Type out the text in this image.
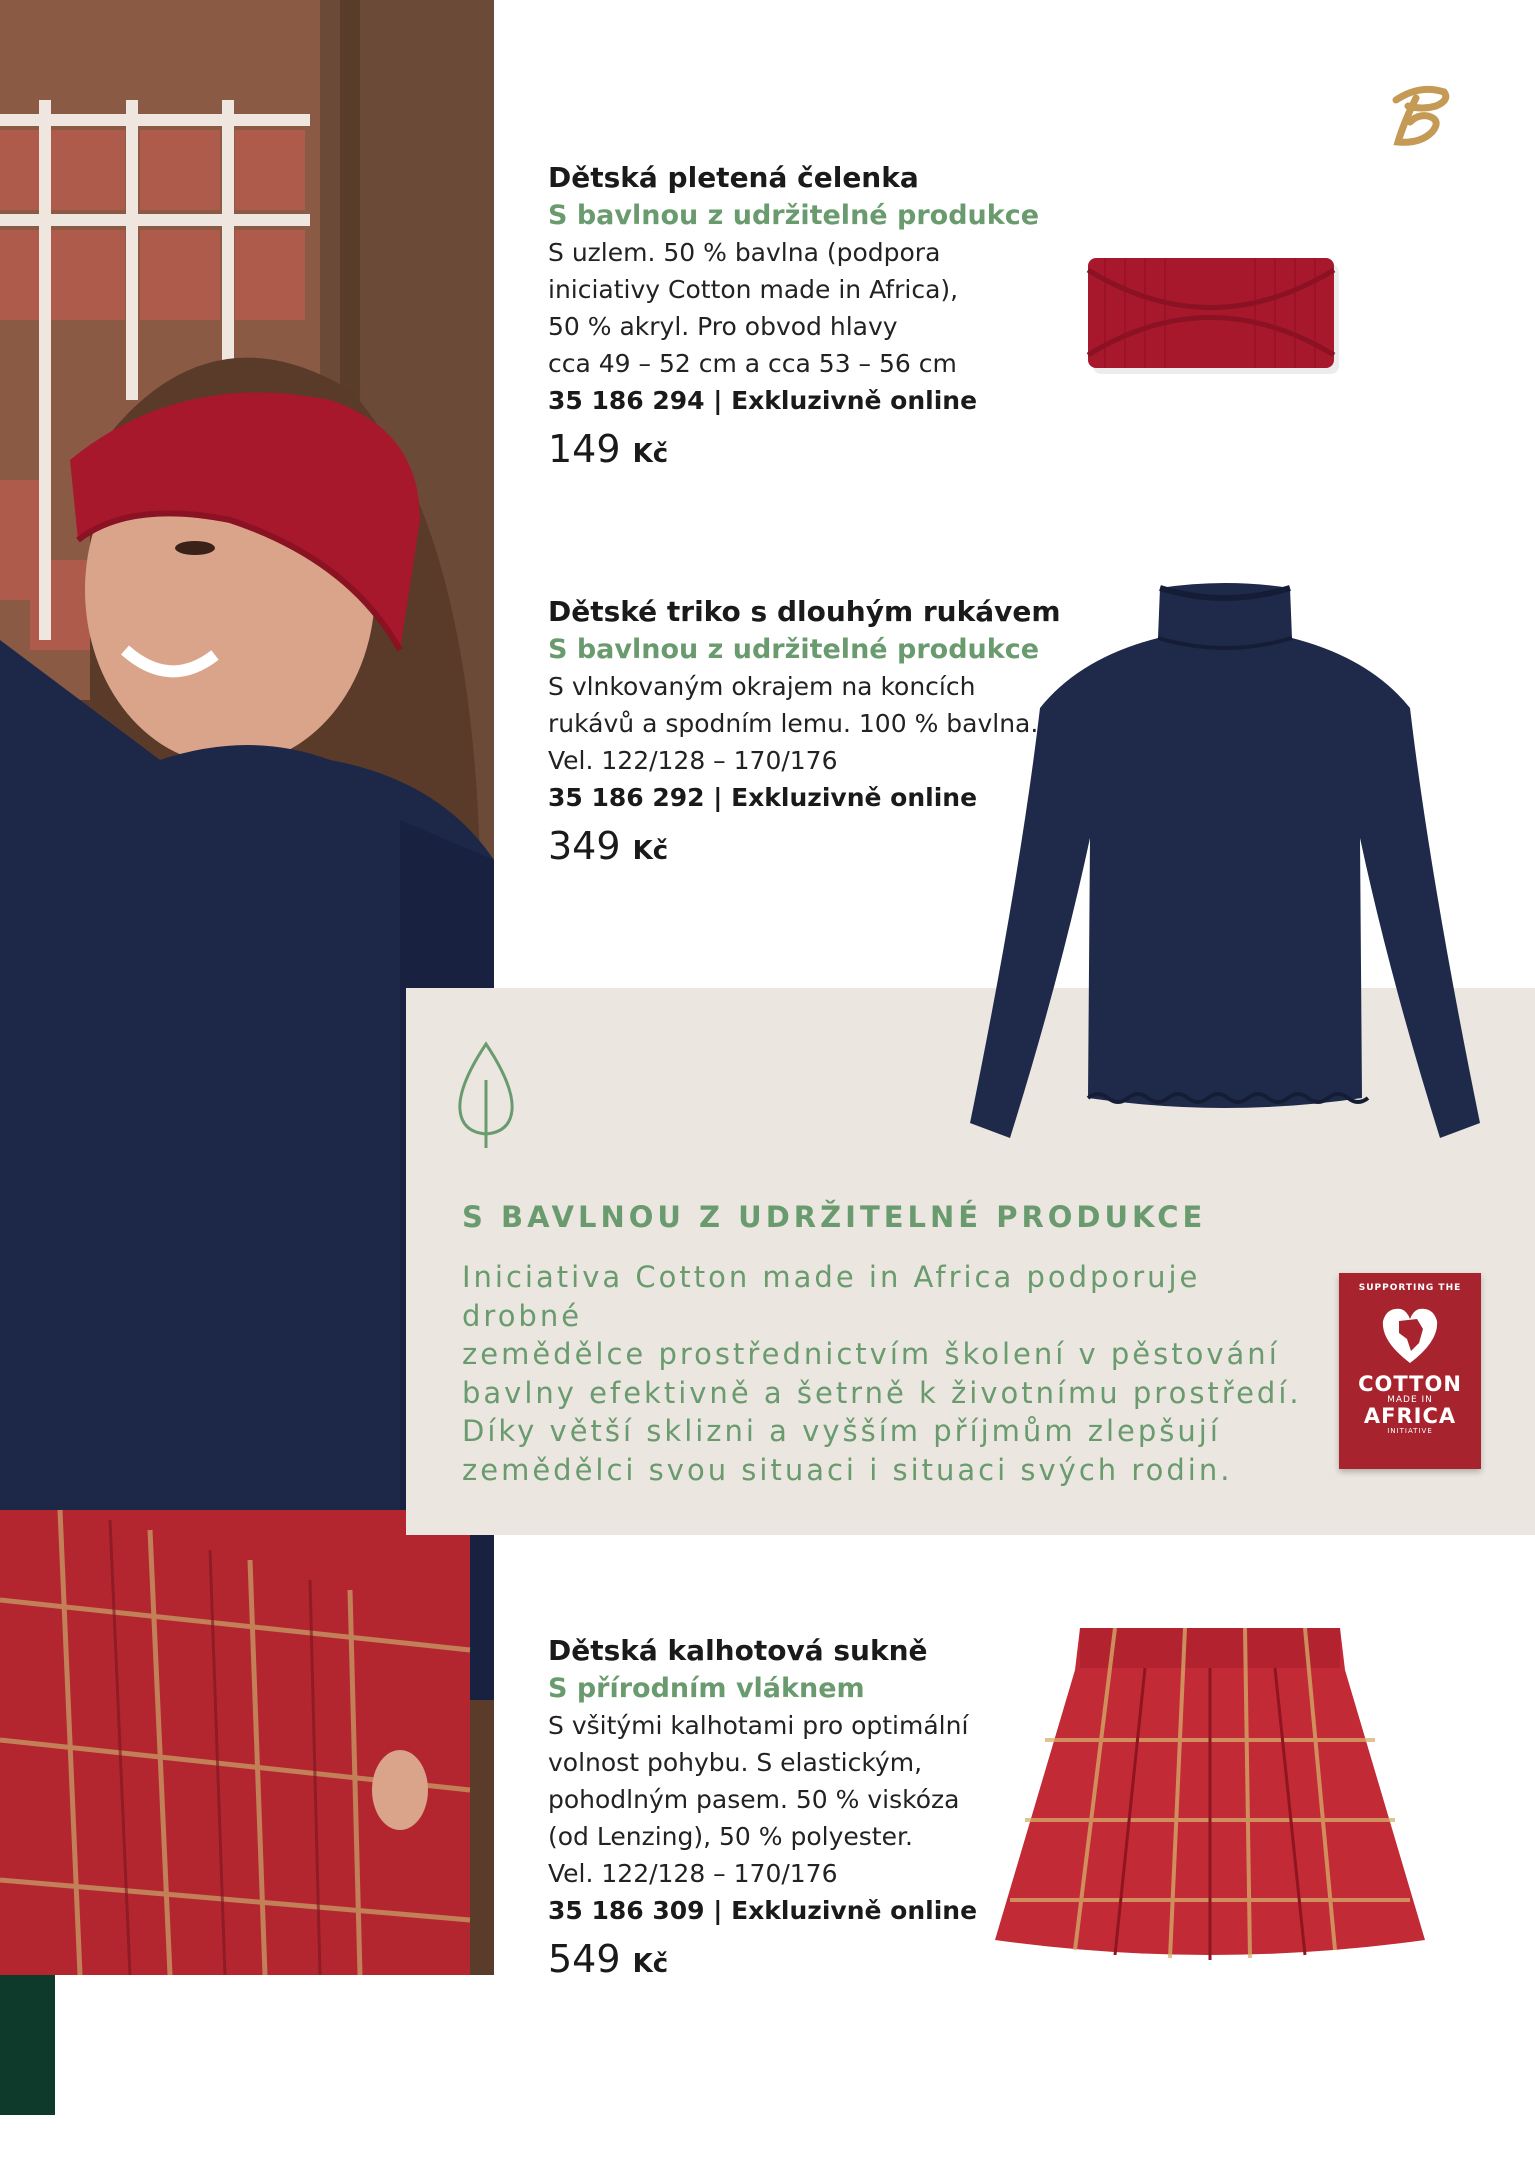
Dětská pletená čelenka
S bavlnou z udržitelné produkce
S uzlem. 50 % bavlna (podpora
iniciativy Cotton made in Africa),
50 % akryl. Pro obvod hlavy
cca 49 – 52 cm a cca 53 – 56 cm
35 186 294 | Exkluzivně online
149 Kč
Dětské triko s dlouhým rukávem
S bavlnou z udržitelné produkce
S vlnkovaným okrajem na koncích
rukávů a spodním lemu. 100 % bavlna.
Vel. 122/128 – 170/176
35 186 292 | Exkluzivně online
349 Kč
S BAVLNOU Z UDRŽITELNÉ PRODUKCE
Iniciativa Cotton made in Africa podporuje drobné
zemědělce prostřednictvím školení v pěstování
bavlny efektivně a šetrně k životnímu prostředí.
Díky větší sklizni a vyšším příjmům zlepšují
zemědělci svou situaci i situaci svých rodin.
SUPPORTING THE
COTTON
MADE IN
AFRICA
INITIATIVE
Dětská kalhotová sukně
S přírodním vláknem
S všitými kalhotami pro optimální
volnost pohybu. S elastickým,
pohodlným pasem. 50 % viskóza
(od Lenzing), 50 % polyester.
Vel. 122/128 – 170/176
35 186 309 | Exkluzivně online
549 Kč
